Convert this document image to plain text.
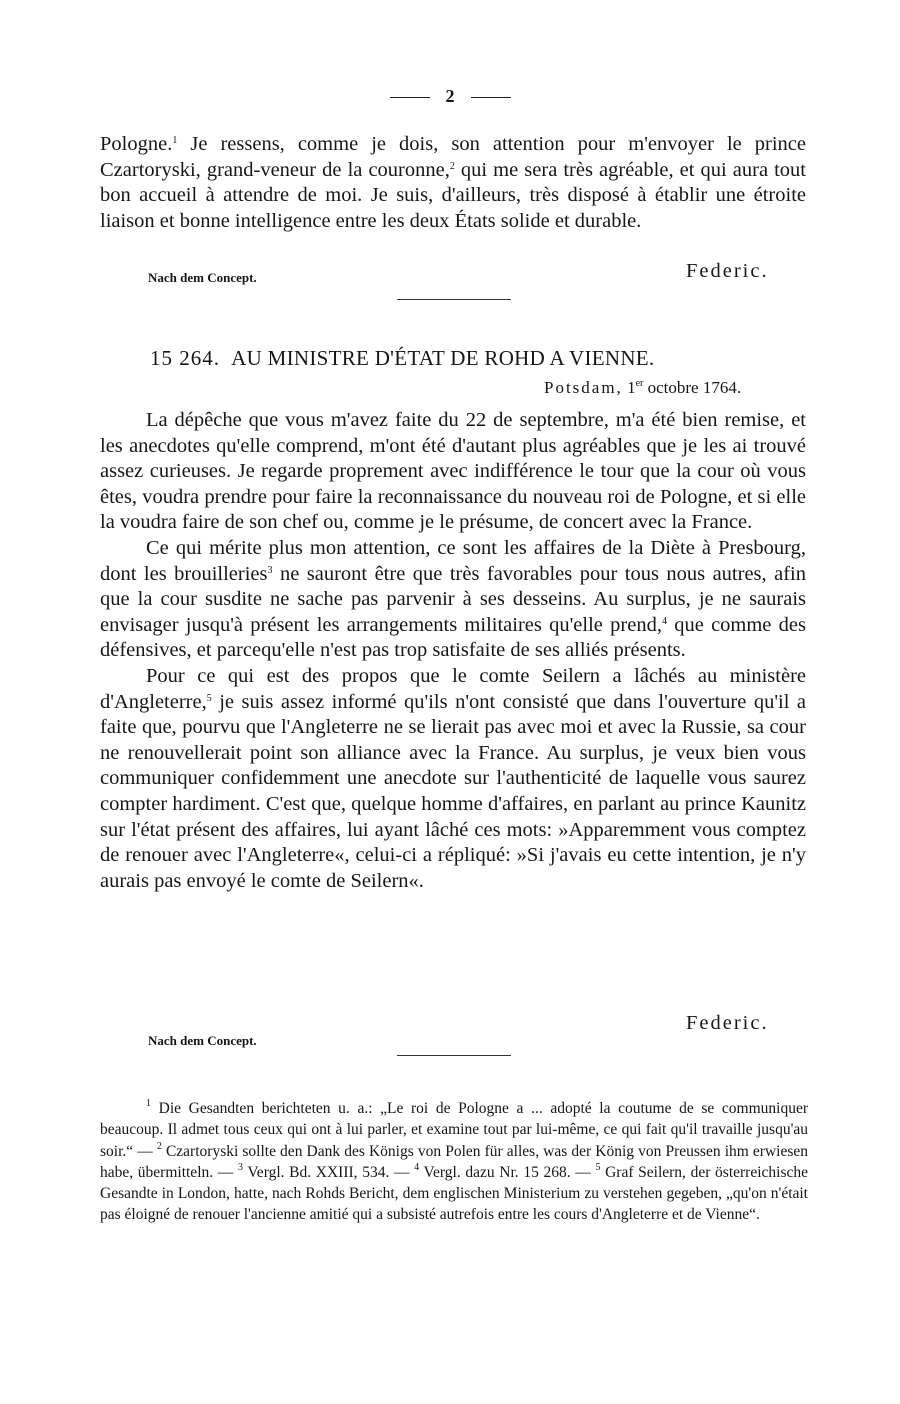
2

Pologne.$^1$ Je ressens, comme je dois, son attention pour m'envoyer le prince Czartoryski, grand-veneur de la couronne,$^2$ qui me sera très agréable, et qui aura tout bon accueil à attendre de moi. Je suis, d'ailleurs, très disposé à établir une étroite liaison et bonne intelligence entre les deux États solide et durable.

Nach dem Concept.	Federic.
15 264. AU MINISTRE D'ÉTAT DE ROHD A VIENNE.
Potsdam, 1er octobre 1764.

La dépêche que vous m'avez faite du 22 de septembre, m'a été bien remise, et les anecdotes qu'elle comprend, m'ont été d'autant plus agréables que je les ai trouvé assez curieuses. Je regarde proprement avec indifférence le tour que la cour où vous êtes, voudra prendre pour faire la reconnaissance du nouveau roi de Pologne, et si elle la voudra faire de son chef ou, comme je le présume, de concert avec la France.

Ce qui mérite plus mon attention, ce sont les affaires de la Diète à Presbourg, dont les brouilleries$^3$ ne sauront être que très favorables pour tous nous autres, afin que la cour susdite ne sache pas parvenir à ses desseins. Au surplus, je ne saurais envisager jusqu'à présent les arrangements militaires qu'elle prend,$^4$ que comme des défensives, et parcequ'elle n'est pas trop satisfaite de ses alliés présents.

Pour ce qui est des propos que le comte Seilern a lâchés au ministère d'Angleterre,$^5$ je suis assez informé qu'ils n'ont consisté que dans l'ouverture qu'il a faite que, pourvu que l'Angleterre ne se lierait pas avec moi et avec la Russie, sa cour ne renouvellerait point son alliance avec la France. Au surplus, je veux bien vous communiquer confidemment une anecdote sur l'authenticité de laquelle vous saurez compter hardiment. C'est que, quelque homme d'affaires, en parlant au prince Kaunitz sur l'état présent des affaires, lui ayant lâché ces mots: »Apparemment vous comptez de renouer avec l'Angleterre«, celui-ci a répliqué: »Si j'avais eu cette intention, je n'y aurais pas envoyé le comte de Seilern«.

Federic.
Nach dem Concept.

$^1$ Die Gesandten berichteten u. a.: „Le roi de Pologne a ... adopté la coutume de se communiquer beaucoup. Il admet tous ceux qui ont à lui parler, et examine tout par lui-même, ce qui fait qu'il travaille jusqu'au soir.“ — $^2$ Czartoryski sollte den Dank des Königs von Polen für alles, was der König von Preussen ihm erwiesen habe, übermitteln. — $^3$ Vergl. Bd. XXIII, 534. — $^4$ Vergl. dazu Nr. 15 268. — $^5$ Graf Seilern, der österreichische Gesandte in London, hatte, nach Rohds Bericht, dem englischen Ministerium zu verstehen gegeben, „qu'on n'était pas éloigné de renouer l'ancienne amitié qui a subsisté autrefois entre les cours d'Angleterre et de Vienne“.
